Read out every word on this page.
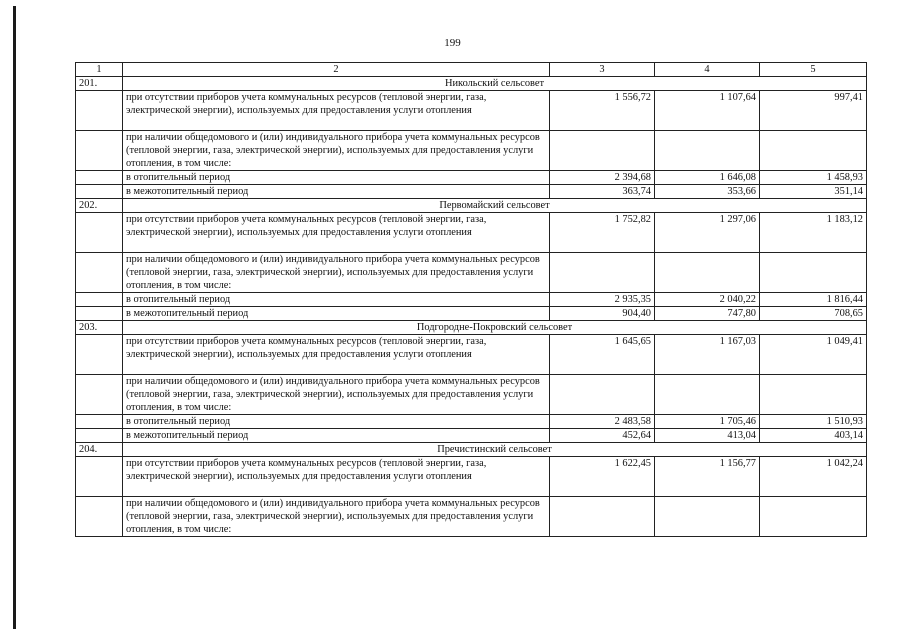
199
1	2	3	4	5
201.	Никольский сельсовет			
	при отсутствии приборов учета коммунальных ресурсов (тепловой энергии, газа, электрической энергии), используемых для предоставления услуги отопления	1 556,72	1 107,64	997,41
	при наличии общедомового и (или) индивидуального прибора учета коммунальных ресурсов (тепловой энергии, газа, электрической энергии), используемых для предоставления услуги отопления, в том числе:			
	в отопительный период	2 394,68	1 646,08	1 458,93
	в межотопительный период	363,74	353,66	351,14
202.	Первомайский сельсовет			
	при отсутствии приборов учета коммунальных ресурсов (тепловой энергии, газа, электрической энергии), используемых для предоставления услуги отопления	1 752,82	1 297,06	1 183,12
	при наличии общедомового и (или) индивидуального прибора учета коммунальных ресурсов (тепловой энергии, газа, электрической энергии), используемых для предоставления услуги отопления, в том числе:			
	в отопительный период	2 935,35	2 040,22	1 816,44
	в межотопительный период	904,40	747,80	708,65
203.	Подгородне-Покровский сельсовет			
	при отсутствии приборов учета коммунальных ресурсов (тепловой энергии, газа, электрической энергии), используемых для предоставления услуги отопления	1 645,65	1 167,03	1 049,41
	при наличии общедомового и (или) индивидуального прибора учета коммунальных ресурсов (тепловой энергии, газа, электрической энергии), используемых для предоставления услуги отопления, в том числе:			
	в отопительный период	2 483,58	1 705,46	1 510,93
	в межотопительный период	452,64	413,04	403,14
204.	Пречистинский сельсовет			
	при отсутствии приборов учета коммунальных ресурсов (тепловой энергии, газа, электрической энергии), используемых для предоставления услуги отопления	1 622,45	1 156,77	1 042,24
	при наличии общедомового и (или) индивидуального прибора учета коммунальных ресурсов (тепловой энергии, газа, электрической энергии), используемых для предоставления услуги отопления, в том числе:			
